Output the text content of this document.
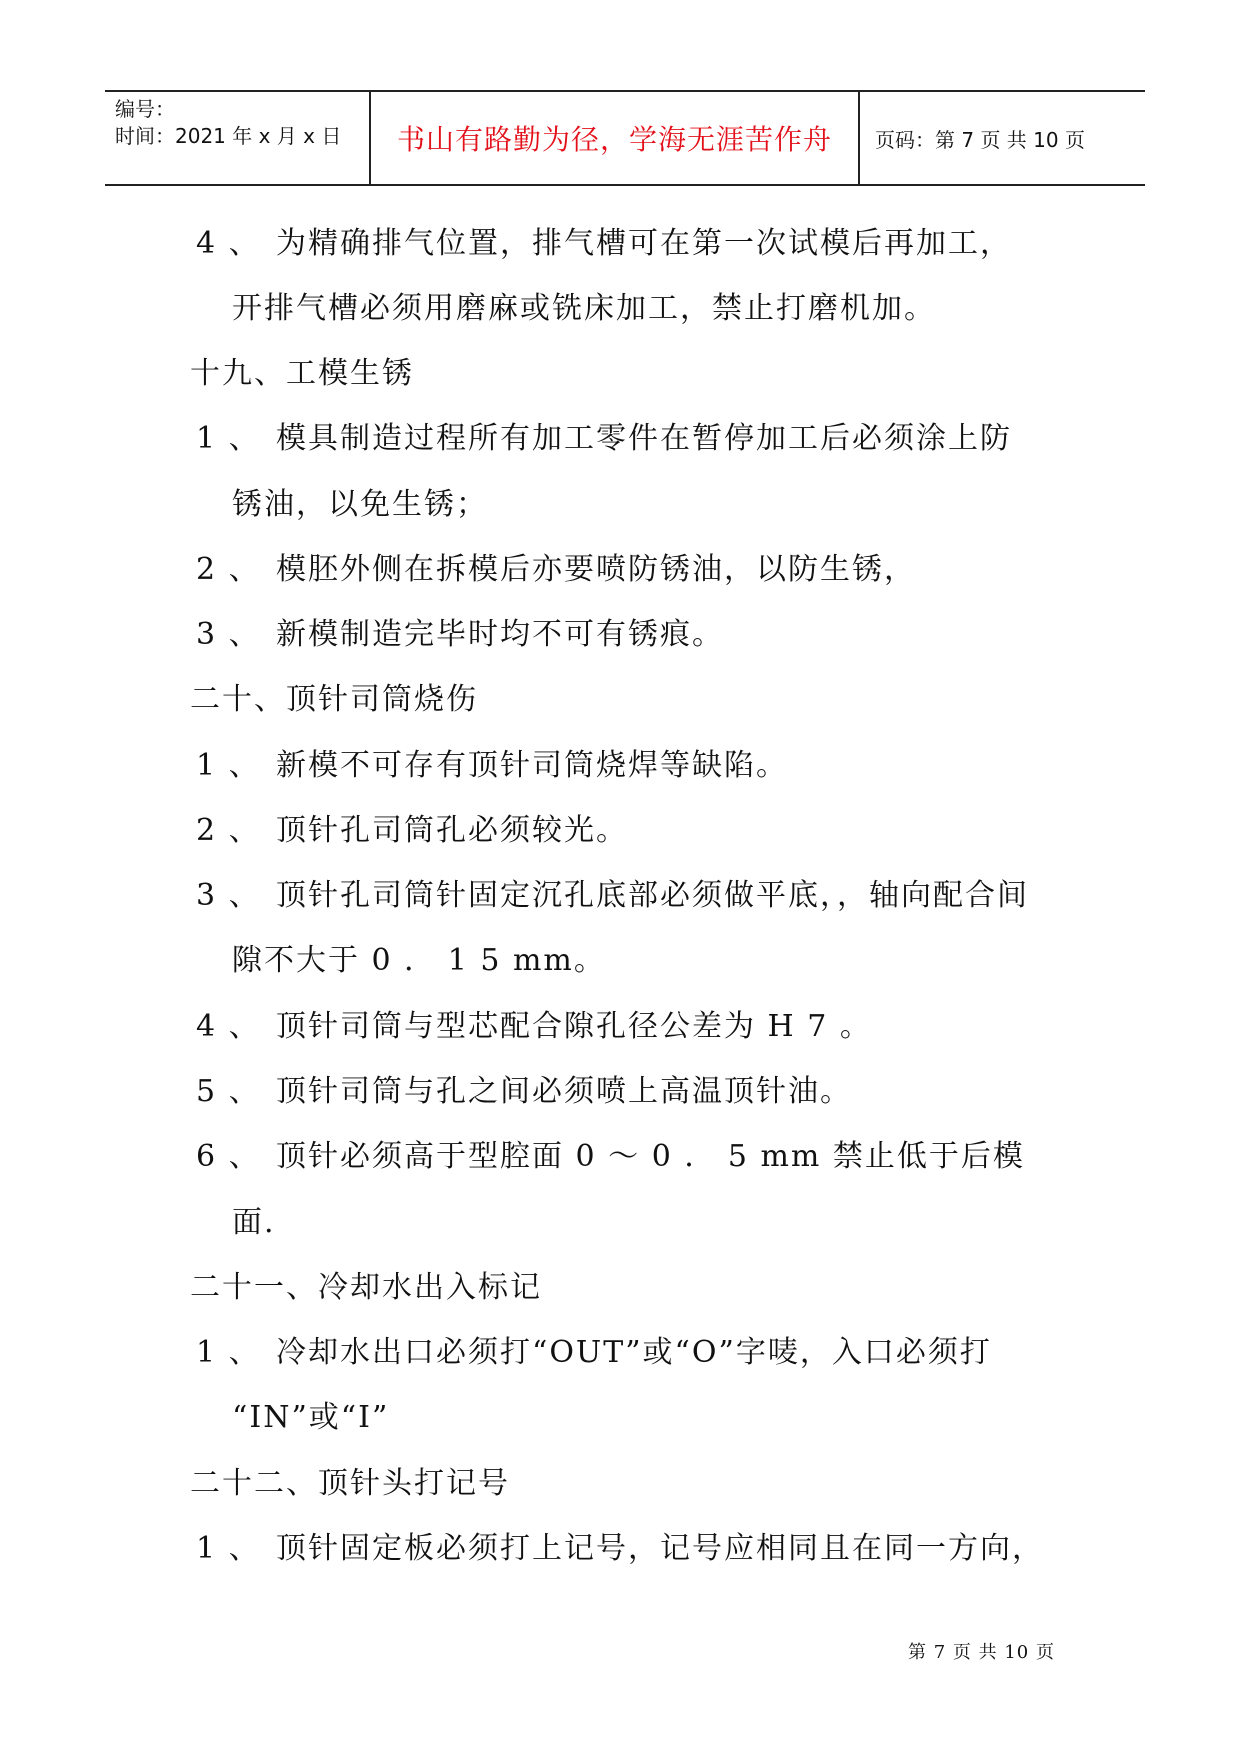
编号：
时间：2021 年 x 月 x 日	书山有路勤为径，学海无涯苦作舟	页码：第 7 页 共 10 页
4 、 为精确排气位置，排气槽可在第一次试模后再加工，
开排气槽必须用磨麻或铣床加工，禁止打磨机加。
十九、工模生锈
1 、 模具制造过程所有加工零件在暂停加工后必须涂上防
锈油，以免生锈；
2 、 模胚外侧在拆模后亦要喷防锈油，以防生锈，
3 、 新模制造完毕时均不可有锈痕。
二十、顶针司筒烧伤
1 、 新模不可存有顶针司筒烧焊等缺陷。
2 、 顶针孔司筒孔必须较光。
3 、 顶针孔司筒针固定沉孔底部必须做平底，，轴向配合间
隙不大于 0 ． 1 5 mm。
4 、 顶针司筒与型芯配合隙孔径公差为 H 7 。
5 、 顶针司筒与孔之间必须喷上高温顶针油。
6 、 顶针必须高于型腔面 0 ～ 0 ． 5 mm 禁止低于后模
面.
二十一、冷却水出入标记
1 、 冷却水出口必须打“OUT”或“O”字唛，入口必须打
“IN”或“I”
二十二、顶针头打记号
1 、 顶针固定板必须打上记号，记号应相同且在同一方向，
第 7 页 共 10 页
